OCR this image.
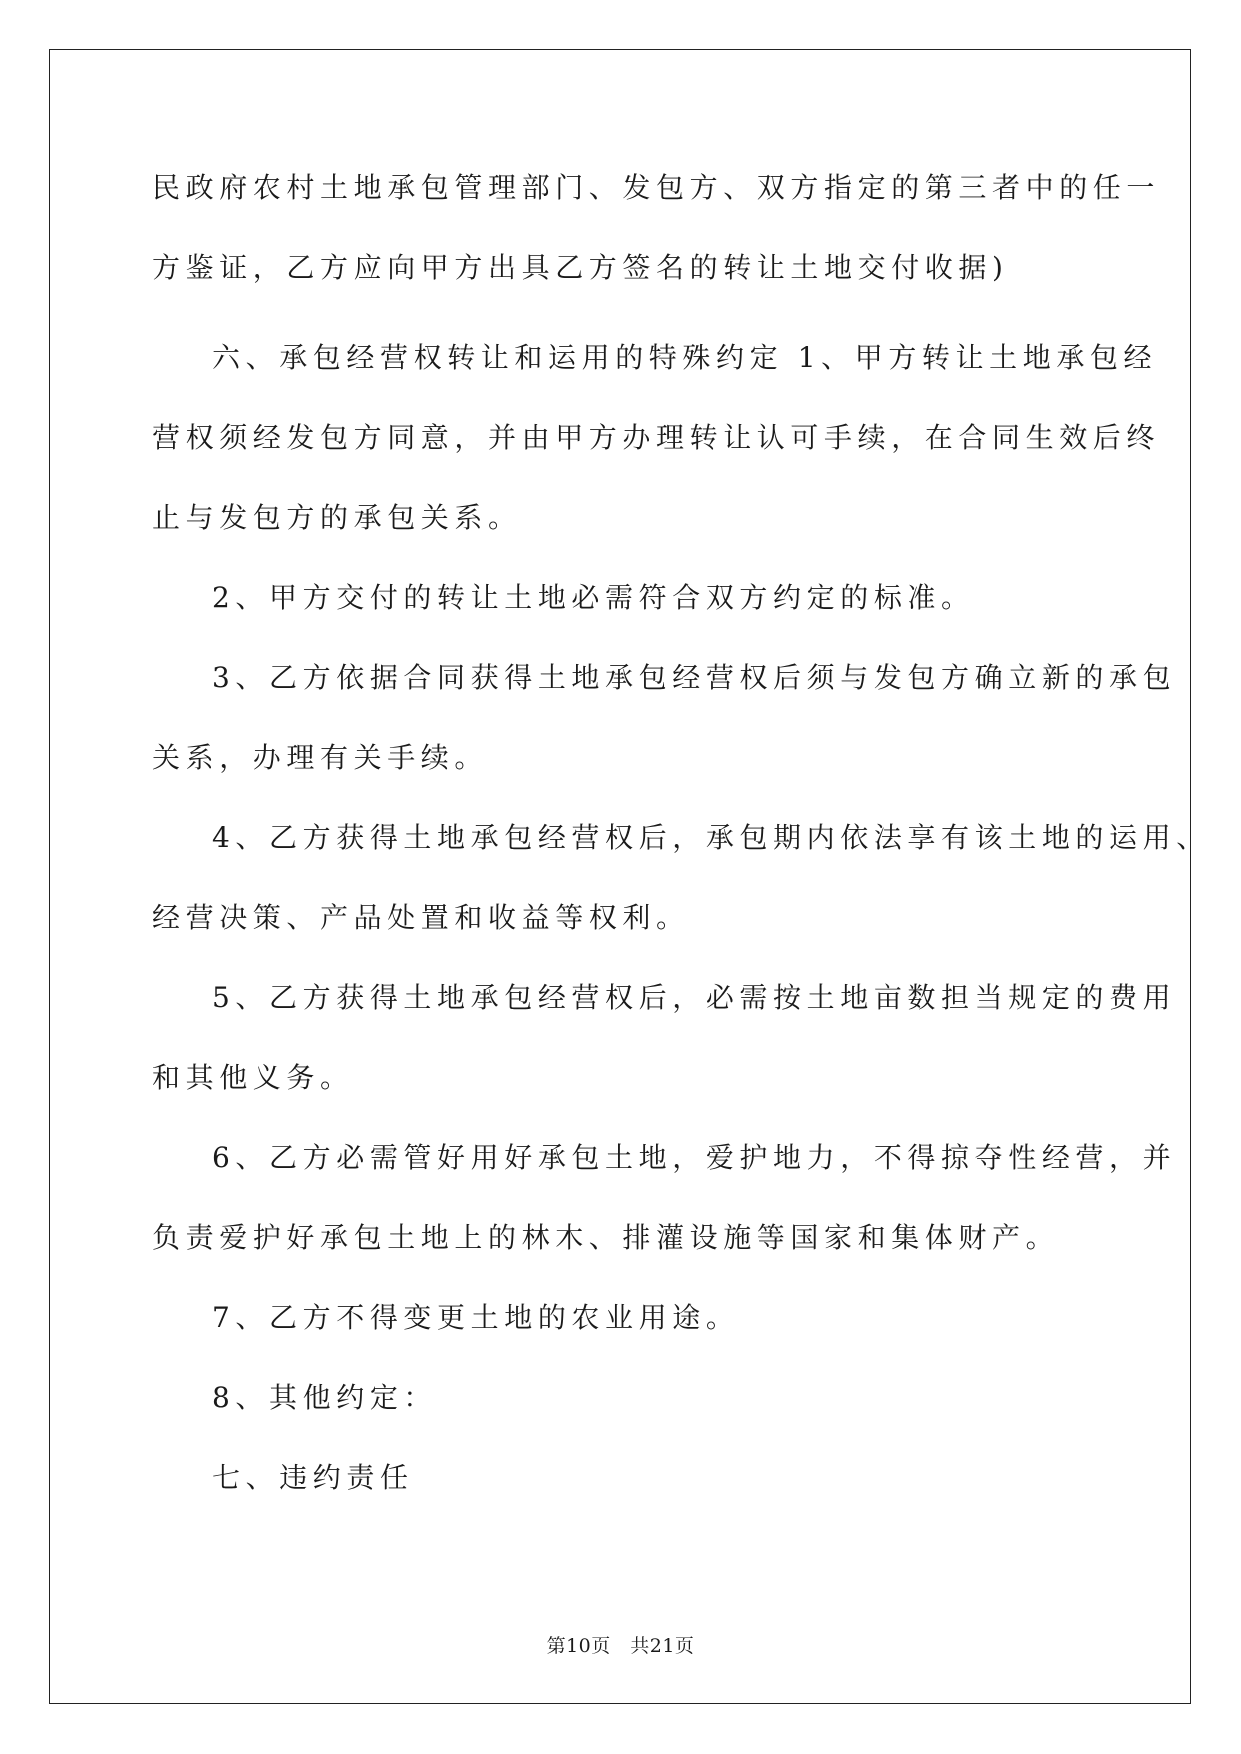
民政府农村土地承包管理部门、发包方、双方指定的第三者中的任一
方鉴证，乙方应向甲方出具乙方签名的转让土地交付收据)
六、承包经营权转让和运用的特殊约定 1、甲方转让土地承包经
营权须经发包方同意，并由甲方办理转让认可手续，在合同生效后终
止与发包方的承包关系。
2、甲方交付的转让土地必需符合双方约定的标准。
3、乙方依据合同获得土地承包经营权后须与发包方确立新的承包
关系，办理有关手续。
4、乙方获得土地承包经营权后，承包期内依法享有该土地的运用、
经营决策、产品处置和收益等权利。
5、乙方获得土地承包经营权后，必需按土地亩数担当规定的费用
和其他义务。
6、乙方必需管好用好承包土地，爱护地力，不得掠夺性经营，并
负责爱护好承包土地上的林木、排灌设施等国家和集体财产。
7、乙方不得变更土地的农业用途。
8、其他约定：
七、违约责任
第10页　共21页
